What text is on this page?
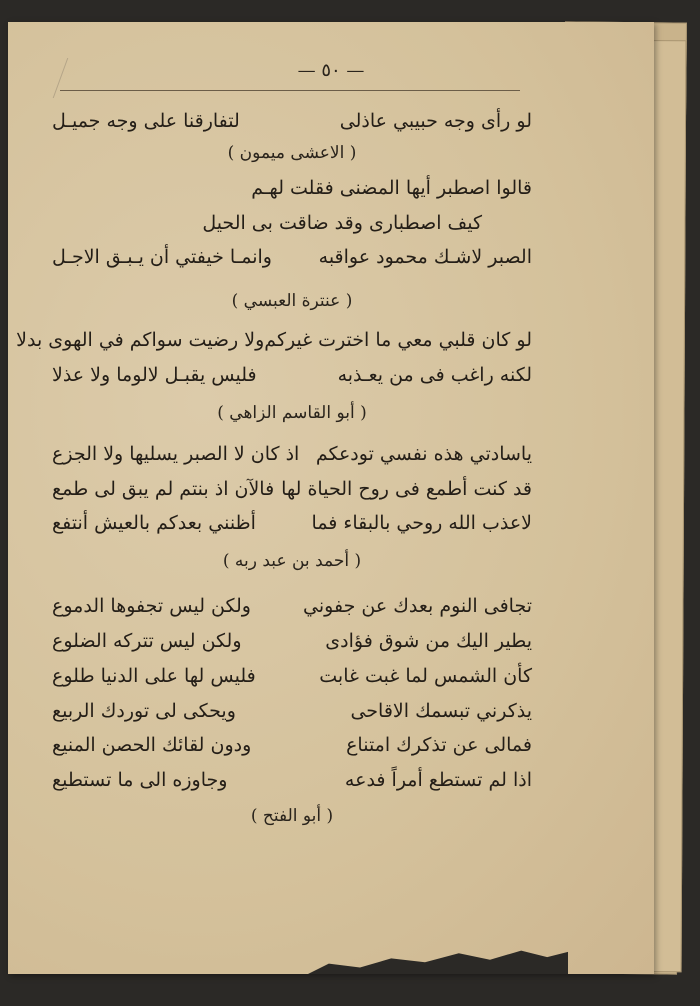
— ٥٠ —
لو رأى وجه حبيبي عاذلى
لتفارقنا على وجه جميـل
( الاعشى ميمون )
قالوا اصطبر أيها المضنى فقلت لهـم
كيف اصطبارى وقد ضاقت بى الحيل
الصبر لاشـك محمود عواقبه
وانمـا خيفتي أن يـبـق الاجـل
( عنترة العبسي )
لو كان قلبي معي ما اخترت غيركم
ولا رضيت سواكم في الهوى بدلا
لكنه راغب فى من يعـذبه
فليس يقبـل لالوما ولا عذلا
( أبو القاسم الزاهي )
ياسادتي هذه نفسي تودعكم
اذ كان لا الصبر يسليها ولا الجزع
قد كنت أطمع فى روح الحياة لها
فالآن اذ بنتم لم يبق لى طمع
لاعذب الله روحي بالبقاء فما
أظنني بعدكم بالعيش أنتفع
( أحمد بن عبد ربه )
تجافى النوم بعدك عن جفوني
ولكن ليس تجفوها الدموع
يطير اليك من شوق فؤادى
ولكن ليس تتركه الضلوع
كأن الشمس لما غبت غابت
فليس لها على الدنيا طلوع
يذكرني تبسمك الاقاحى
ويحكى لى توردك الربيع
فمالى عن تذكرك امتناع
ودون لقائك الحصن المنيع
اذا لم تستطع أمراً فدعه
وجاوزه الى ما تستطيع
( أبو الفتح )
